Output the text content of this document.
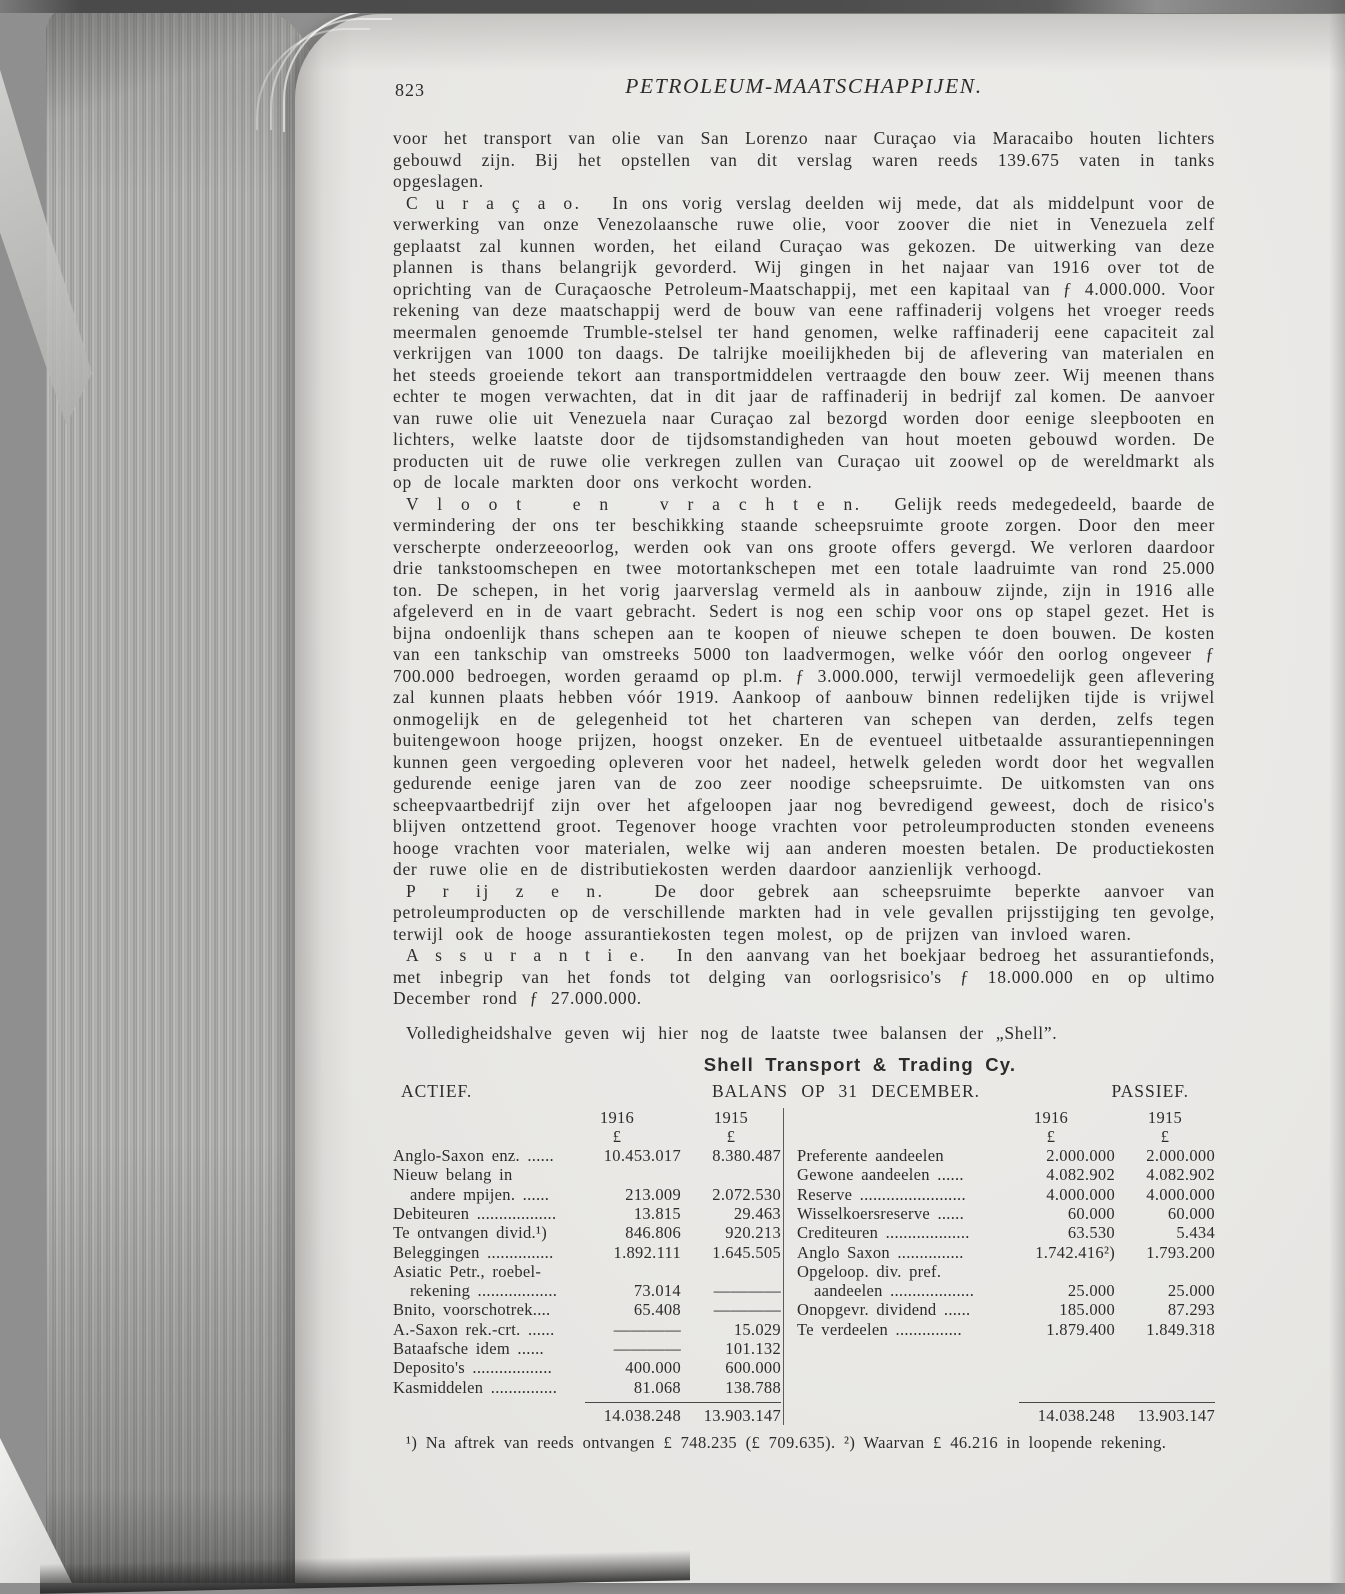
823	PETROLEUM-MAATSCHAPPIJEN.

voor het transport van olie van San Lorenzo naar Curaçao via Maracaibo houten lichters gebouwd zijn. Bij het opstellen van dit verslag waren reeds 139.675 vaten in tanks opgeslagen.

C u r a ç a o.  In ons vorig verslag deelden wij mede, dat als middelpunt voor de verwerking van onze Venezolaansche ruwe olie, voor zoover die niet in Venezuela zelf geplaatst zal kunnen worden, het eiland Curaçao was gekozen. De uitwerking van deze plannen is thans belangrijk gevorderd. Wij gingen in het najaar van 1916 over tot de oprichting van de Curaçaosche Petroleum-Maatschappij, met een kapitaal van ƒ 4.000.000. Voor rekening van deze maatschappij werd de bouw van eene raffinaderij volgens het vroeger reeds meermalen genoemde Trumble-stelsel ter hand genomen, welke raffinaderij eene capaciteit zal verkrijgen van 1000 ton daags. De talrijke moeilijkheden bij de aflevering van materialen en het steeds groeiende tekort aan transportmiddelen vertraagde den bouw zeer. Wij meenen thans echter te mogen verwachten, dat in dit jaar de raffinaderij in bedrijf zal komen. De aanvoer van ruwe olie uit Venezuela naar Curaçao zal bezorgd worden door eenige sleepbooten en lichters, welke laatste door de tijdsomstandigheden van hout moeten gebouwd worden. De producten uit de ruwe olie verkregen zullen van Curaçao uit zoowel op de wereldmarkt als op de locale markten door ons verkocht worden.

V l o o t   e n   v r a c h t e n.  Gelijk reeds medegedeeld, baarde de vermindering der ons ter beschikking staande scheepsruimte groote zorgen. Door den meer verscherpte onderzeeoorlog, werden ook van ons groote offers gevergd. We verloren daardoor drie tankstoomschepen en twee motortankschepen met een totale laadruimte van rond 25.000 ton. De schepen, in het vorig jaarverslag vermeld als in aanbouw zijnde, zijn in 1916 alle afgeleverd en in de vaart gebracht. Sedert is nog een schip voor ons op stapel gezet. Het is bijna ondoenlijk thans schepen aan te koopen of nieuwe schepen te doen bouwen. De kosten van een tankschip van omstreeks 5000 ton laadvermogen, welke vóór den oorlog ongeveer ƒ 700.000 bedroegen, worden geraamd op pl.m. ƒ 3.000.000, terwijl vermoedelijk geen aflevering zal kunnen plaats hebben vóór 1919. Aankoop of aanbouw binnen redelijken tijde is vrijwel onmogelijk en de gelegenheid tot het charteren van schepen van derden, zelfs tegen buitengewoon hooge prijzen, hoogst onzeker. En de eventueel uitbetaalde assurantiepenningen kunnen geen vergoeding opleveren voor het nadeel, hetwelk geleden wordt door het wegvallen gedurende eenige jaren van de zoo zeer noodige scheepsruimte. De uitkomsten van ons scheepvaartbedrijf zijn over het afgeloopen jaar nog bevredigend geweest, doch de risico's blijven ontzettend groot. Tegenover hooge vrachten voor petroleumproducten stonden eveneens hooge vrachten voor materialen, welke wij aan anderen moesten betalen. De productiekosten der ruwe olie en de distributiekosten werden daardoor aanzienlijk verhoogd.

P r ij z e n.  De door gebrek aan scheepsruimte beperkte aanvoer van petroleumproducten op de verschillende markten had in vele gevallen prijsstijging ten gevolge, terwijl ook de hooge assurantiekosten tegen molest, op de prijzen van invloed waren.

A s s u r a n t i e.  In den aanvang van het boekjaar bedroeg het assurantiefonds, met inbegrip van het fonds tot delging van oorlogsrisico's ƒ 18.000.000 en op ultimo December rond ƒ 27.000.000.

Volledigheidshalve geven wij hier nog de laatste twee balansen der „Shell”.

Shell Transport & Trading Cy.
ACTIEF.	BALANS OP 31 DECEMBER.	PASSIEF.
1916	1915
£	£
Anglo-Saxon enz. ......	10.453.017	8.380.487
Nieuw belang in
andere mpijen. ......	213.009	2.072.530
Debiteuren ..................	13.815	29.463
Te ontvangen divid.¹)	846.806	920.213
Beleggingen ...............	1.892.111	1.645.505
Asiatic Petr., roebel-
rekening ..................	73.014	————
Bnito, voorschotrek....	65.408	————
A.-Saxon rek.-crt. ......	————	15.029
Bataafsche idem ......	————	101.132
Deposito's ..................	400.000	600.000
Kasmiddelen ...............	81.068	138.788
14.038.248	13.903.147
1916	1915
£	£
Preferente aandeelen	2.000.000	2.000.000
Gewone aandeelen ......	4.082.902	4.082.902
Reserve ........................	4.000.000	4.000.000
Wisselkoersreserve ......	60.000	60.000
Crediteuren ...................	63.530	5.434
Anglo Saxon ...............	1.742.416²)	1.793.200
Opgeloop. div. pref.
aandeelen ...................	25.000	25.000
Onopgevr. dividend ......	185.000	87.293
Te verdeelen ...............	1.879.400	1.849.318
14.038.248	13.903.147

¹) Na aftrek van reeds ontvangen £ 748.235 (£ 709.635). ²) Waarvan £ 46.216 in loopende rekening.
